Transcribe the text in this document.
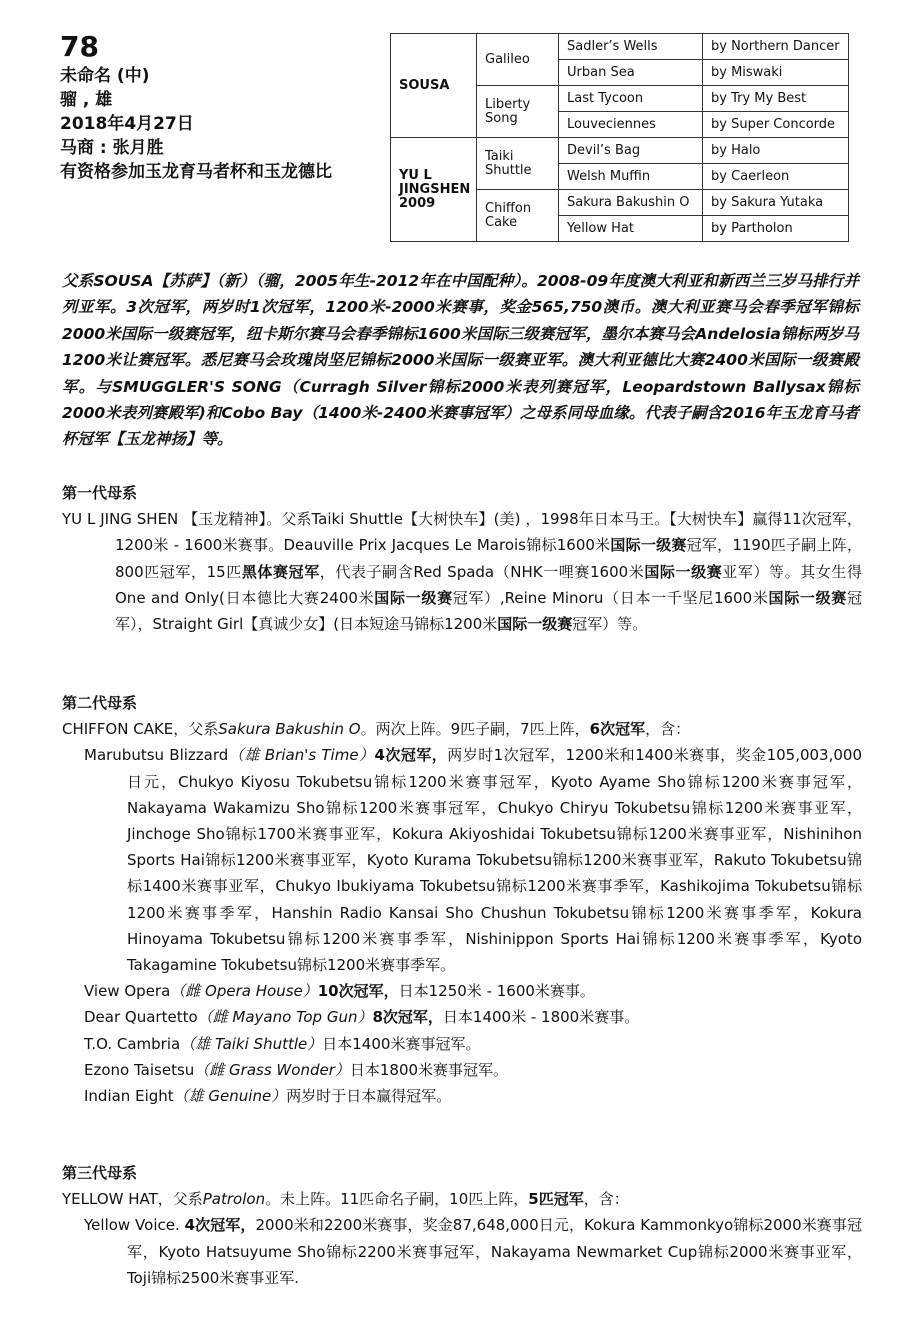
78
未命名 (中)
骝 , 雄
2018年4月27日
马商 : 张月胜
有资格参加玉龙育马者杯和玉龙德比
SOUSA	Galileo	Sadler’s Wells	by Northern Dancer
		Urban Sea	by Miswaki
	Liberty Song	Last Tycoon	by Try My Best
		Louveciennes	by Super Concorde
YU L
JINGSHEN
2009	Taiki Shuttle	Devil’s Bag	by Halo
		Welsh Muffin	by Caerleon
	Chiffon Cake	Sakura Bakushin O	by Sakura Yutaka
		Yellow Hat	by Partholon
父系SOUSA【苏萨】（新）（骝，2005年生-2012年在中国配种）。2008-09年度澳大利亚和新西兰三岁马排行并列亚军。3次冠军，两岁时1次冠军，1200米-2000米赛事，奖金565,750澳币。澳大利亚赛马会春季冠军锦标2000米国际一级赛冠军，纽卡斯尔赛马会春季锦标1600米国际三级赛冠军，墨尔本赛马会Andelosia锦标两岁马1200米让赛冠军。悉尼赛马会玫瑰岗坚尼锦标2000米国际一级赛亚军。澳大利亚德比大赛2400米国际一级赛殿军。与SMUGGLER'S SONG（Curragh Silver锦标2000米表列赛冠军，Leopardstown Ballysax锦标2000米表列赛殿军)和Cobo Bay（1400米-2400米赛事冠军）之母系同母血缘。代表子嗣含2016年玉龙育马者杯冠军【玉龙神扬】等。
第一代母系
YU L JING SHEN 【玉龙精神】。父系Taiki Shuttle【大树快车】(美) ，1998年日本马王。【大树快车】赢得11次冠军，1200米 - 1600米赛事。Deauville Prix Jacques Le Marois锦标1600米国际一级赛冠军，1190匹子嗣上阵，800匹冠军，15匹黑体赛冠军，代表子嗣含Red Spada（NHK一哩赛1600米国际一级赛亚军）等。其女生得One and Only(日本德比大赛2400米国际一级赛冠军）,Reine Minoru（日本一千坚尼1600米国际一级赛冠军），Straight Girl【真诚少女】(日本短途马锦标1200米国际一级赛冠军）等。
第二代母系
CHIFFON CAKE，父系Sakura Bakushin O。两次上阵。9匹子嗣，7匹上阵，6次冠军，含：
Marubutsu Blizzard（雄 Brian's Time）4次冠军，两岁时1次冠军，1200米和1400米赛事，奖金105,003,000日元，Chukyo Kiyosu Tokubetsu锦标1200米赛事冠军，Kyoto Ayame Sho锦标1200米赛事冠军，Nakayama Wakamizu Sho锦标1200米赛事冠军，Chukyo Chiryu Tokubetsu锦标1200米赛事亚军，Jinchoge Sho锦标1700米赛事亚军，Kokura Akiyoshidai Tokubetsu锦标1200米赛事亚军，Nishinihon Sports Hai锦标1200米赛事亚军，Kyoto Kurama Tokubetsu锦标1200米赛事亚军，Rakuto Tokubetsu锦标1400米赛事亚军，Chukyo Ibukiyama Tokubetsu锦标1200米赛事季军，Kashikojima Tokubetsu锦标1200米赛事季军，Hanshin Radio Kansai Sho Chushun Tokubetsu锦标1200米赛事季军，Kokura Hinoyama Tokubetsu锦标1200米赛事季军，Nishinippon Sports Hai锦标1200米赛事季军，Kyoto Takagamine Tokubetsu锦标1200米赛事季军。
View Opera（雌 Opera House）10次冠军，日本1250米 - 1600米赛事。
Dear Quartetto（雌 Mayano Top Gun）8次冠军，日本1400米 - 1800米赛事。
T.O. Cambria（雄 Taiki Shuttle）日本1400米赛事冠军。
Ezono Taisetsu（雌 Grass Wonder）日本1800米赛事冠军。
Indian Eight（雄 Genuine）两岁时于日本赢得冠军。
第三代母系
YELLOW HAT，父系Patrolon。未上阵。11匹命名子嗣，10匹上阵，5匹冠军，含：
Yellow Voice. 4次冠军，2000米和2200米赛事，奖金87,648,000日元，Kokura Kammonkyo锦标2000米赛事冠军，Kyoto Hatsuyume Sho锦标2200米赛事冠军，Nakayama Newmarket Cup锦标2000米赛事亚军，Toji锦标2500米赛事亚军.
